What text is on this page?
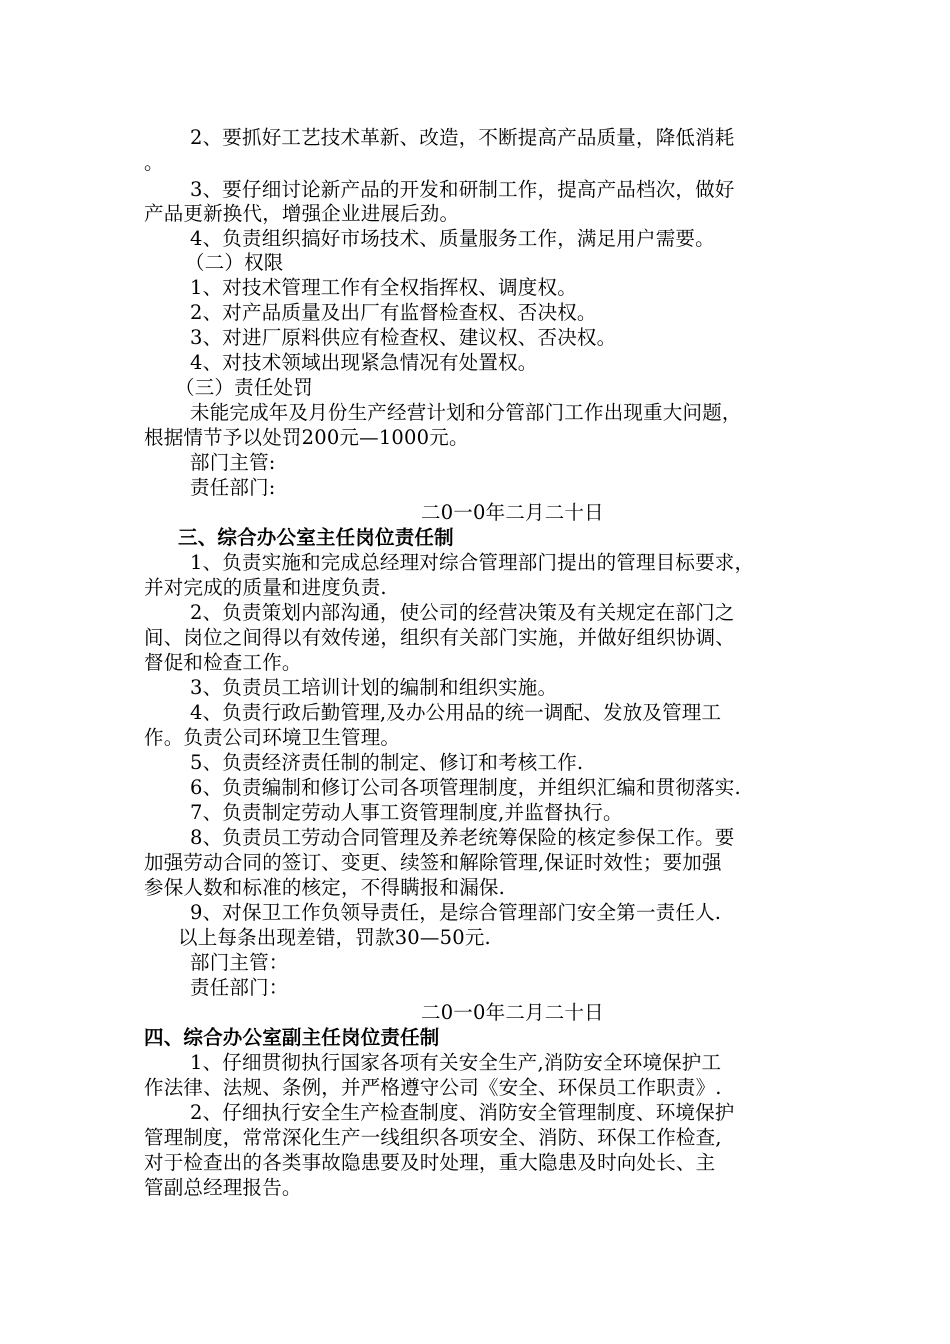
2、要抓好工艺技术革新、改造，不断提高产品质量，降低消耗
。
3、要仔细讨论新产品的开发和研制工作，提高产品档次，做好
产品更新换代，增强企业进展后劲。
4、负责组织搞好市场技术、质量服务工作，满足用户需要。
（二）权限
1、对技术管理工作有全权指挥权、调度权。
2、对产品质量及出厂有监督检查权、否决权。
3、对进厂原料供应有检查权、建议权、否决权。
4、对技术领域出现紧急情况有处置权。
（三）责任处罚
未能完成年及月份生产经营计划和分管部门工作出现重大问题，
根据情节予以处罚200元—1000元。
部门主管:
责任部门:
二0一0年二月二十日
三、综合办公室主任岗位责任制
1、负责实施和完成总经理对综合管理部门提出的管理目标要求，
并对完成的质量和进度负责.
2、负责策划内部沟通，使公司的经营决策及有关规定在部门之
间、岗位之间得以有效传递，组织有关部门实施，并做好组织协调、
督促和检查工作。
3、负责员工培训计划的编制和组织实施。
4、负责行政后勤管理,及办公用品的统一调配、发放及管理工
作。负责公司环境卫生管理。
5、负责经济责任制的制定、修订和考核工作.
6、负责编制和修订公司各项管理制度，并组织汇编和贯彻落实.
7、负责制定劳动人事工资管理制度,并监督执行。
8、负责员工劳动合同管理及养老统筹保险的核定参保工作。要
加强劳动合同的签订、变更、续签和解除管理,保证时效性；要加强
参保人数和标准的核定，不得瞒报和漏保.
9、对保卫工作负领导责任，是综合管理部门安全第一责任人.
以上每条出现差错，罚款30—50元.
部门主管：
责任部门：
二0一0年二月二十日
四、综合办公室副主任岗位责任制
1、仔细贯彻执行国家各项有关安全生产,消防安全环境保护工
作法律、法规、条例，并严格遵守公司《安全、环保员工作职责》.
2、仔细执行安全生产检查制度、消防安全管理制度、环境保护
管理制度，常常深化生产一线组织各项安全、消防、环保工作检查,
对于检查出的各类事故隐患要及时处理，重大隐患及时向处长、主
管副总经理报告。
